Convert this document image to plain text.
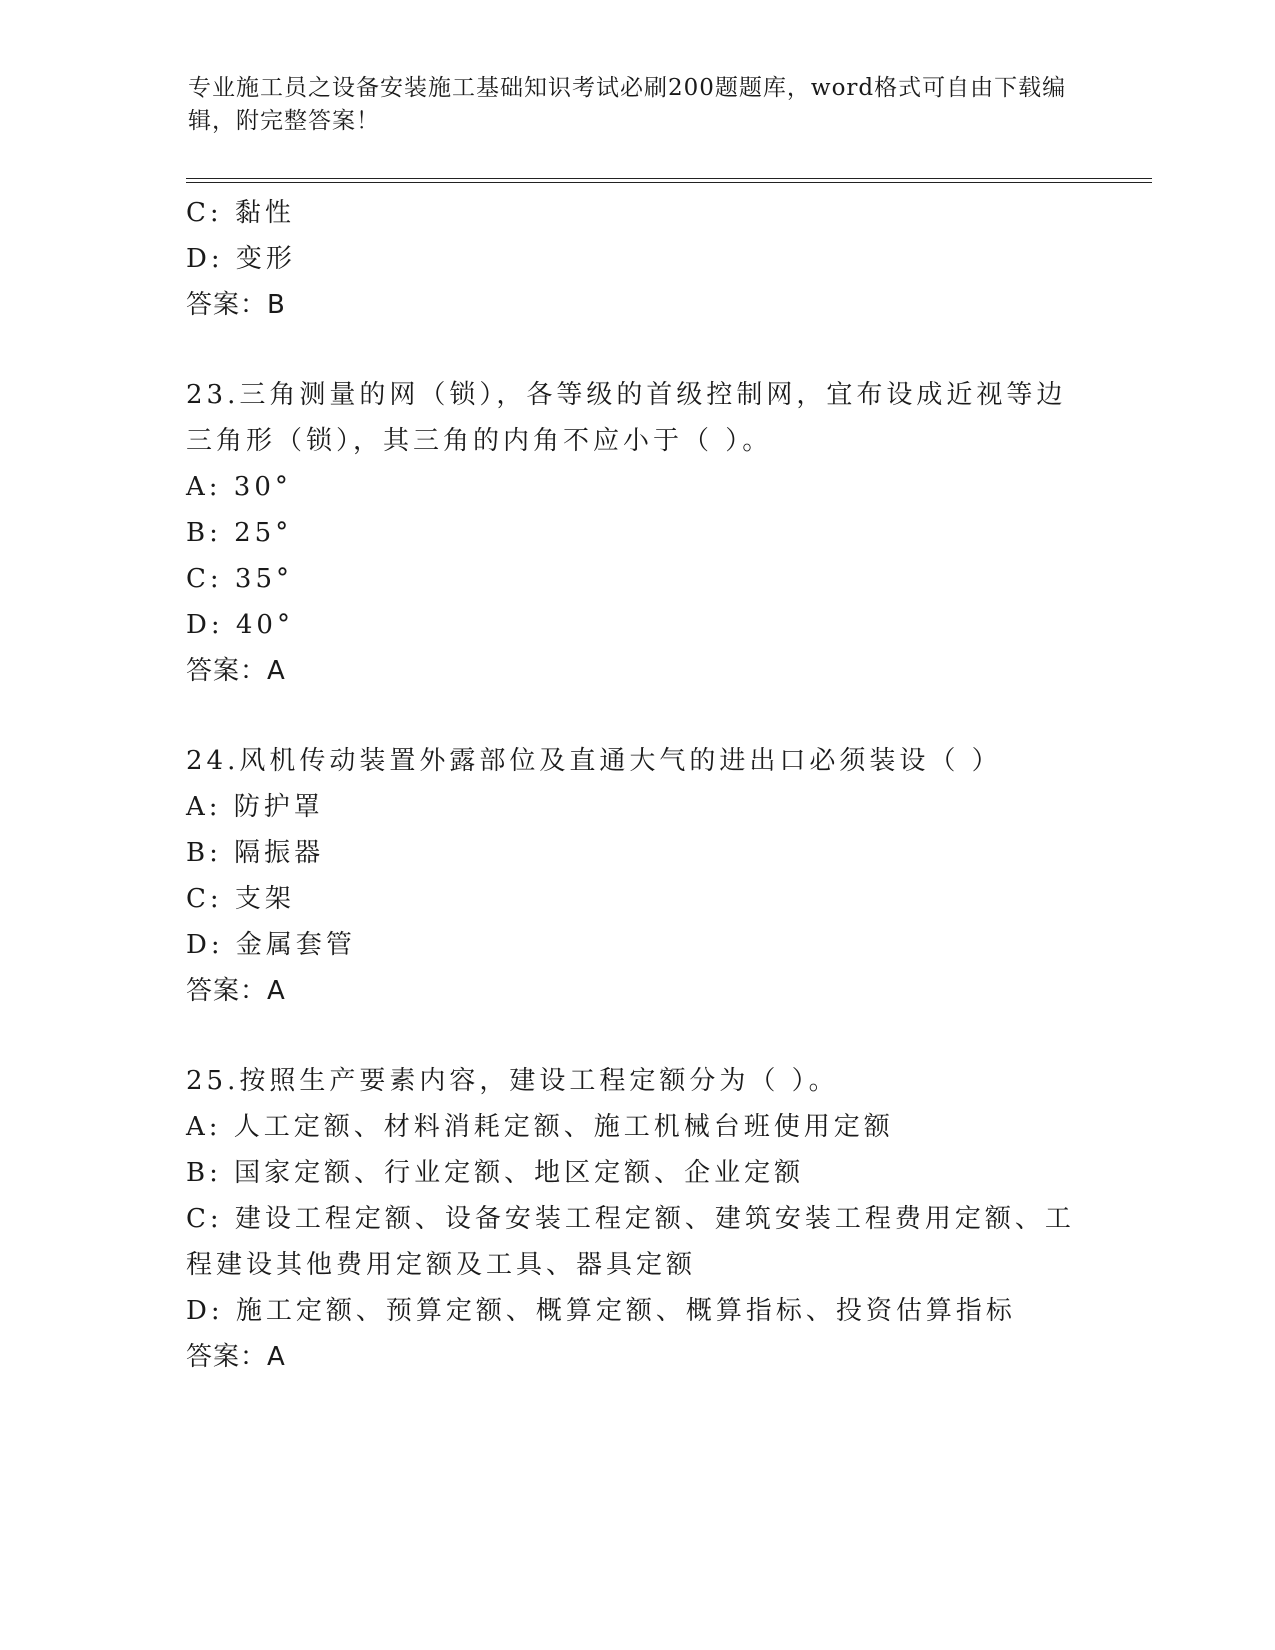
专业施工员之设备安装施工基础知识考试必刷200题题库，word格式可自由下载编辑，附完整答案！
C: 黏性
D: 变形
答案：B
23.三角测量的网（锁），各等级的首级控制网，宜布设成近视等边三角形（锁），其三角的内角不应小于（ ）。
A: 30°
B: 25°
C: 35°
D: 40°
答案：A
24.风机传动装置外露部位及直通大气的进出口必须装设（ ）
A: 防护罩
B: 隔振器
C: 支架
D: 金属套管
答案：A
25.按照生产要素内容，建设工程定额分为（ ）。
A: 人工定额、材料消耗定额、施工机械台班使用定额
B: 国家定额、行业定额、地区定额、企业定额
C: 建设工程定额、设备安装工程定额、建筑安装工程费用定额、工程建设其他费用定额及工具、器具定额
D: 施工定额、预算定额、概算定额、概算指标、投资估算指标
答案：A
